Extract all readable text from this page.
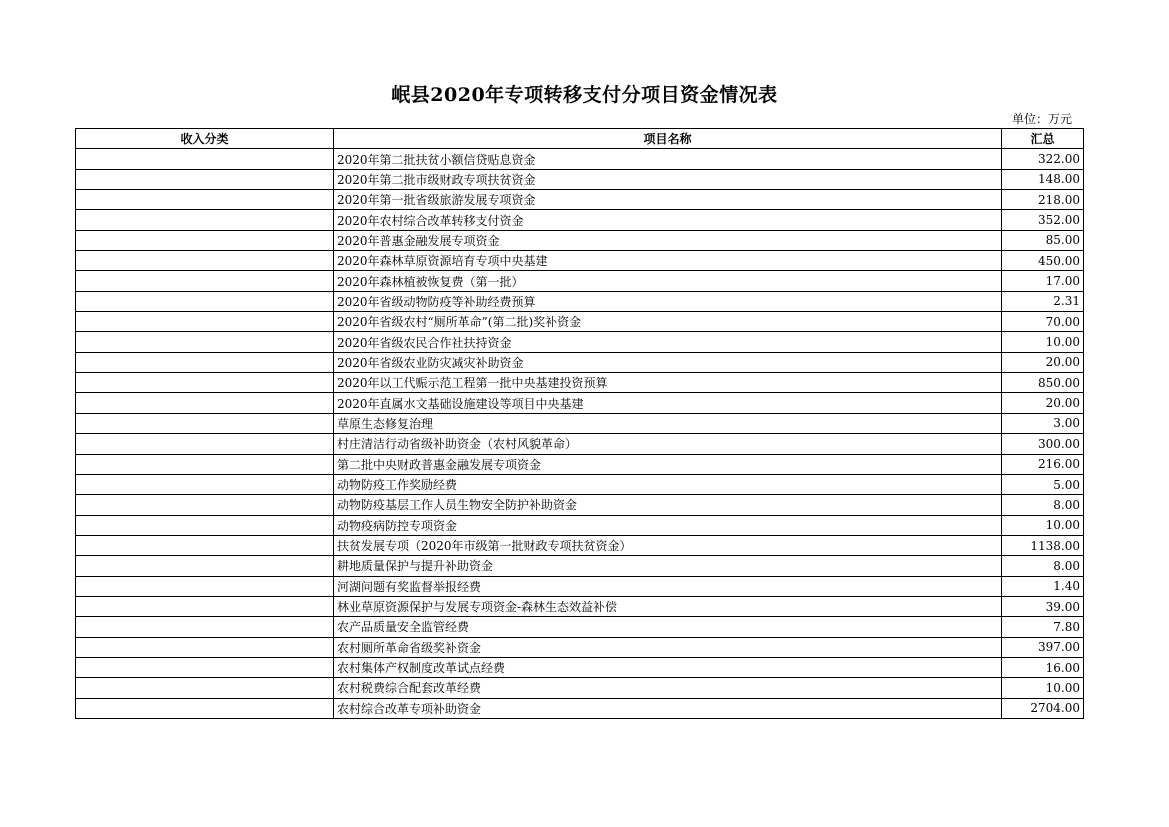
岷县2020年专项转移支付分项目资金情况表
单位：万元
收入分类	项目名称	汇总
	2020年第二批扶贫小额信贷贴息资金	322.00
	2020年第二批市级财政专项扶贫资金	148.00
	2020年第一批省级旅游发展专项资金	218.00
	2020年农村综合改革转移支付资金	352.00
	2020年普惠金融发展专项资金	85.00
	2020年森林草原资源培育专项中央基建	450.00
	2020年森林植被恢复费（第一批）	17.00
	2020年省级动物防疫等补助经费预算	2.31
	2020年省级农村“厕所革命”(第二批)奖补资金	70.00
	2020年省级农民合作社扶持资金	10.00
	2020年省级农业防灾减灾补助资金	20.00
	2020年以工代赈示范工程第一批中央基建投资预算	850.00
	2020年直属水文基础设施建设等项目中央基建	20.00
	草原生态修复治理	3.00
	村庄清洁行动省级补助资金（农村风貌革命）	300.00
	第二批中央财政普惠金融发展专项资金	216.00
	动物防疫工作奖励经费	5.00
	动物防疫基层工作人员生物安全防护补助资金	8.00
	动物疫病防控专项资金	10.00
	扶贫发展专项（2020年市级第一批财政专项扶贫资金）	1138.00
	耕地质量保护与提升补助资金	8.00
	河湖问题有奖监督举报经费	1.40
	林业草原资源保护与发展专项资金-森林生态效益补偿	39.00
	农产品质量安全监管经费	7.80
	农村厕所革命省级奖补资金	397.00
	农村集体产权制度改革试点经费	16.00
	农村税费综合配套改革经费	10.00
	农村综合改革专项补助资金	2704.00
